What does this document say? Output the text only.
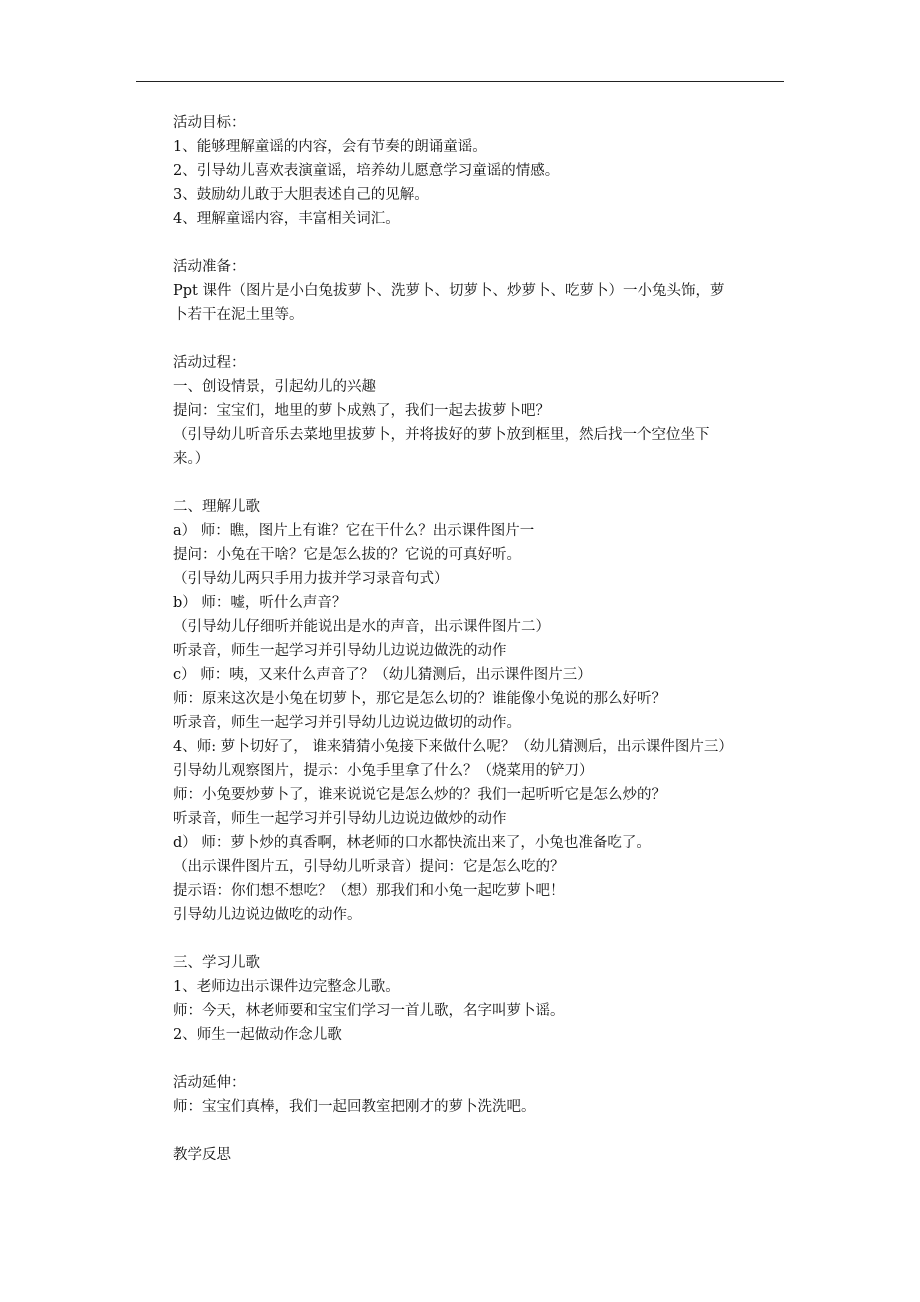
活动目标：
1、能够理解童谣的内容，会有节奏的朗诵童谣。
2、引导幼儿喜欢表演童谣，培养幼儿愿意学习童谣的情感。
3、鼓励幼儿敢于大胆表述自己的见解。
4、理解童谣内容，丰富相关词汇。
活动准备：
Ppt 课件（图片是小白兔拔萝卜、洗萝卜、切萝卜、炒萝卜、吃萝卜）一小兔头饰，萝
卜若干在泥土里等。
活动过程：
一、创设情景，引起幼儿的兴趣
提问：宝宝们，地里的萝卜成熟了，我们一起去拔萝卜吧？
（引导幼儿听音乐去菜地里拔萝卜，并将拔好的萝卜放到框里，然后找一个空位坐下
来。）
二、理解儿歌
a） 师：瞧，图片上有谁？它在干什么？出示课件图片一
提问：小兔在干啥？它是怎么拔的？它说的可真好听。
（引导幼儿两只手用力拔并学习录音句式）
b） 师：嘘，听什么声音？
（引导幼儿仔细听并能说出是水的声音，出示课件图片二）
听录音，师生一起学习并引导幼儿边说边做洗的动作
c） 师：咦，又来什么声音了？（幼儿猜测后，出示课件图片三）
师：原来这次是小兔在切萝卜，那它是怎么切的？谁能像小兔说的那么好听？
听录音，师生一起学习并引导幼儿边说边做切的动作。
4、师: 萝卜切好了， 谁来猜猜小兔接下来做什么呢？（幼儿猜测后，出示课件图片三）
引导幼儿观察图片，提示：小兔手里拿了什么？（烧菜用的铲刀）
师：小兔要炒萝卜了，谁来说说它是怎么炒的？我们一起听听它是怎么炒的？
听录音，师生一起学习并引导幼儿边说边做炒的动作
d） 师：萝卜炒的真香啊，林老师的口水都快流出来了，小兔也准备吃了。
（出示课件图片五，引导幼儿听录音）提问：它是怎么吃的？
提示语：你们想不想吃？（想）那我们和小兔一起吃萝卜吧！
引导幼儿边说边做吃的动作。
三、学习儿歌
1、老师边出示课件边完整念儿歌。
师：今天，林老师要和宝宝们学习一首儿歌，名字叫萝卜谣。
2、师生一起做动作念儿歌
活动延伸：
师：宝宝们真棒，我们一起回教室把刚才的萝卜洗洗吧。
教学反思
